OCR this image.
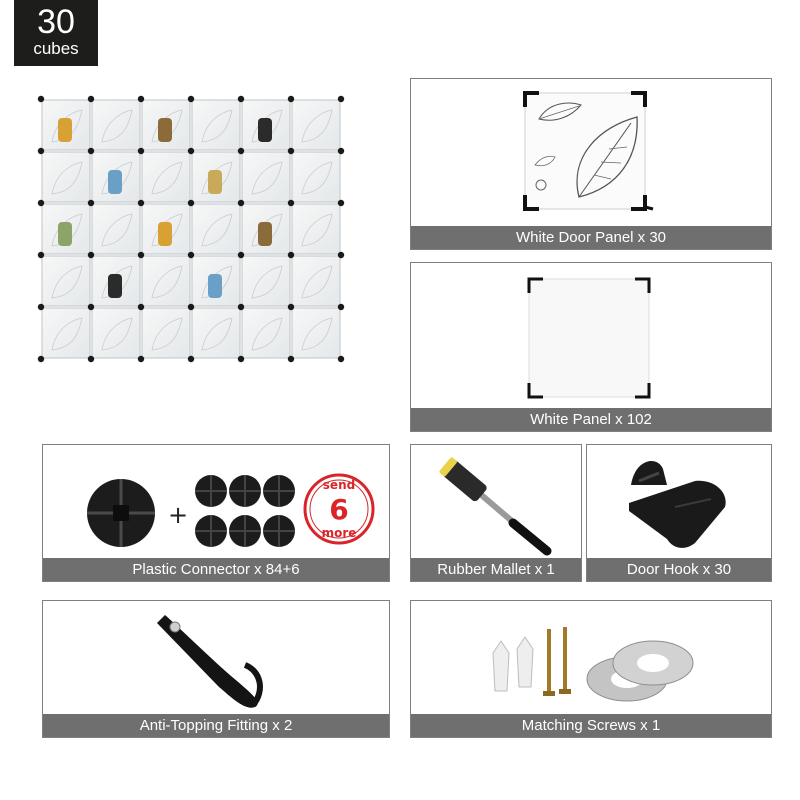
30
cubes
White Door Panel x 30
White Panel x 102
+
send
6
more
Plastic Connector x 84+6	Rubber Mallet x 1	Door Hook x 30
Anti-Topping Fitting x 2	Matching Screws x 1
